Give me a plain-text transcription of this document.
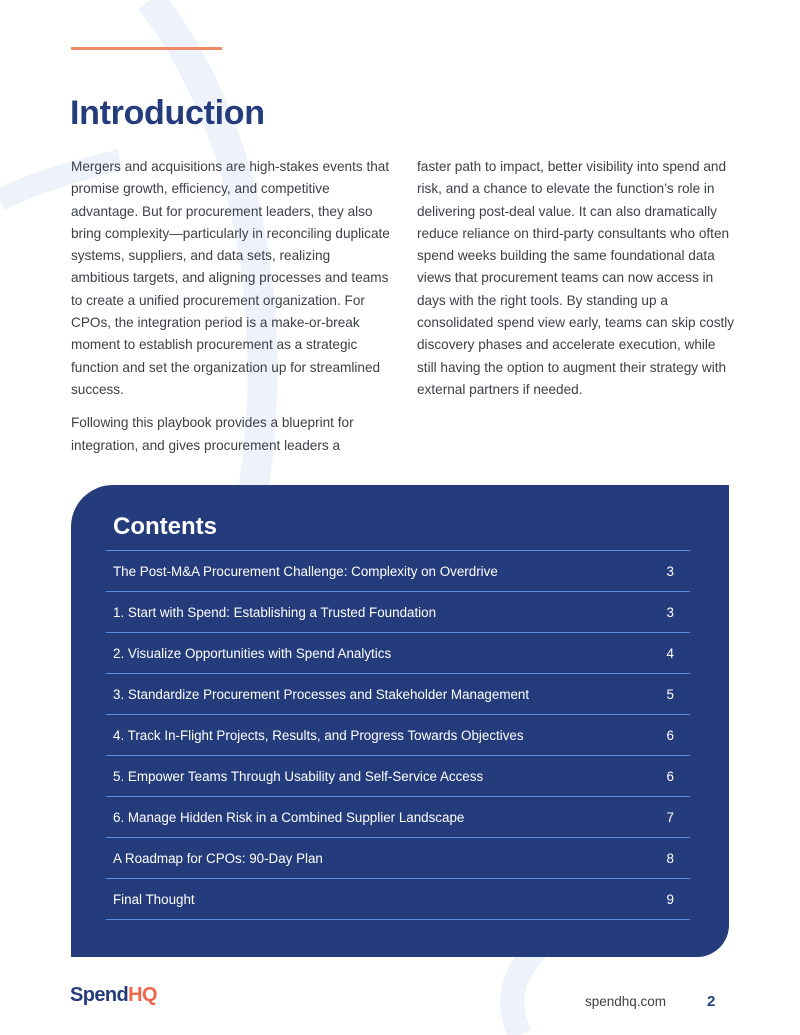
Introduction

Mergers and acquisitions are high-stakes events that promise growth, efficiency, and competitive advantage. But for procurement leaders, they also bring complexity—particularly in reconciling duplicate systems, suppliers, and data sets, realizing ambitious targets, and aligning processes and teams to create a unified procurement organization. For CPOs, the integration period is a make-or-break moment to establish procurement as a strategic function and set the organization up for streamlined success.

Following this playbook provides a blueprint for integration, and gives procurement leaders a

faster path to impact, better visibility into spend and risk, and a chance to elevate the function’s role in delivering post-deal value. It can also dramatically reduce reliance on third-party consultants who often spend weeks building the same foundational data views that procurement teams can now access in days with the right tools. By standing up a consolidated spend view early, teams can skip costly discovery phases and accelerate execution, while still having the option to augment their strategy with external partners if needed.

Contents
The Post-M&A Procurement Challenge: Complexity on Overdrive	3
1. Start with Spend: Establishing a Trusted Foundation	3
2. Visualize Opportunities with Spend Analytics	4
3. Standardize Procurement Processes and Stakeholder Management	5
4. Track In-Flight Projects, Results, and Progress Towards Objectives	6
5. Empower Teams Through Usability and Self-Service Access	6
6. Manage Hidden Risk in a Combined Supplier Landscape	7
A Roadmap for CPOs: 90-Day Plan	8
Final Thought	9
SpendHQ	spendhq.com	2
